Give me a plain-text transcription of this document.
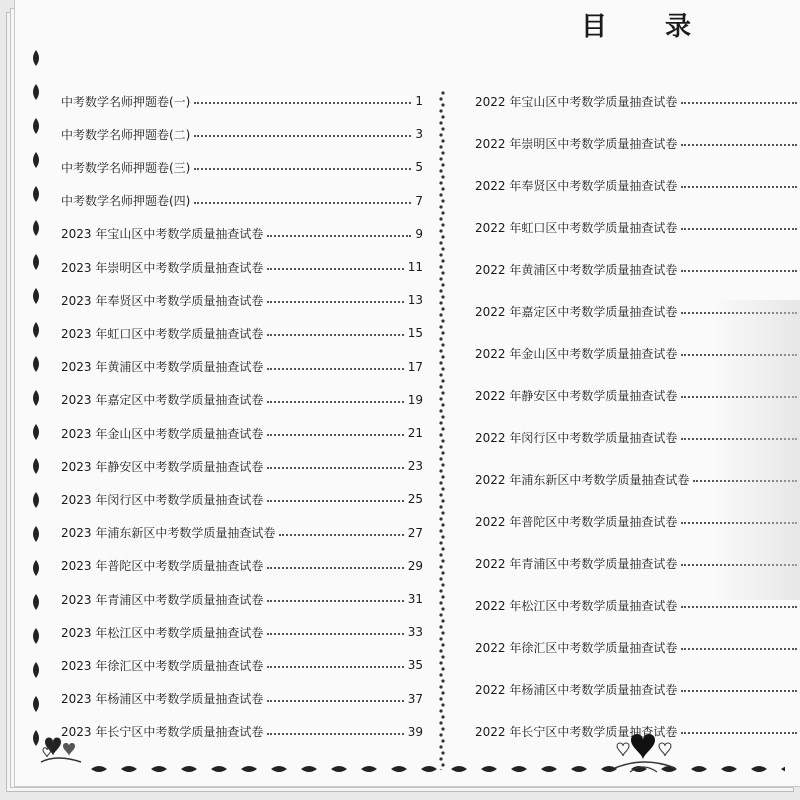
目 录
中考数学名师押题卷(一)	1
中考数学名师押题卷(二)	3
中考数学名师押题卷(三)	5
中考数学名师押题卷(四)	7
2023 年宝山区中考数学质量抽查试卷	9
2023 年崇明区中考数学质量抽查试卷	11
2023 年奉贤区中考数学质量抽查试卷	13
2023 年虹口区中考数学质量抽查试卷	15
2023 年黄浦区中考数学质量抽查试卷	17
2023 年嘉定区中考数学质量抽查试卷	19
2023 年金山区中考数学质量抽查试卷	21
2023 年静安区中考数学质量抽查试卷	23
2023 年闵行区中考数学质量抽查试卷	25
2023 年浦东新区中考数学质量抽查试卷	27
2023 年普陀区中考数学质量抽查试卷	29
2023 年青浦区中考数学质量抽查试卷	31
2023 年松江区中考数学质量抽查试卷	33
2023 年徐汇区中考数学质量抽查试卷	35
2023 年杨浦区中考数学质量抽查试卷	37
2023 年长宁区中考数学质量抽查试卷	39
2022 年宝山区中考数学质量抽查试卷
2022 年崇明区中考数学质量抽查试卷
2022 年奉贤区中考数学质量抽查试卷
2022 年虹口区中考数学质量抽查试卷
2022 年黄浦区中考数学质量抽查试卷
2022 年嘉定区中考数学质量抽查试卷
2022 年金山区中考数学质量抽查试卷
2022 年静安区中考数学质量抽查试卷
2022 年闵行区中考数学质量抽查试卷
2022 年浦东新区中考数学质量抽查试卷
2022 年普陀区中考数学质量抽查试卷
2022 年青浦区中考数学质量抽查试卷
2022 年松江区中考数学质量抽查试卷
2022 年徐汇区中考数学质量抽查试卷
2022 年杨浦区中考数学质量抽查试卷
2022 年长宁区中考数学质量抽查试卷
